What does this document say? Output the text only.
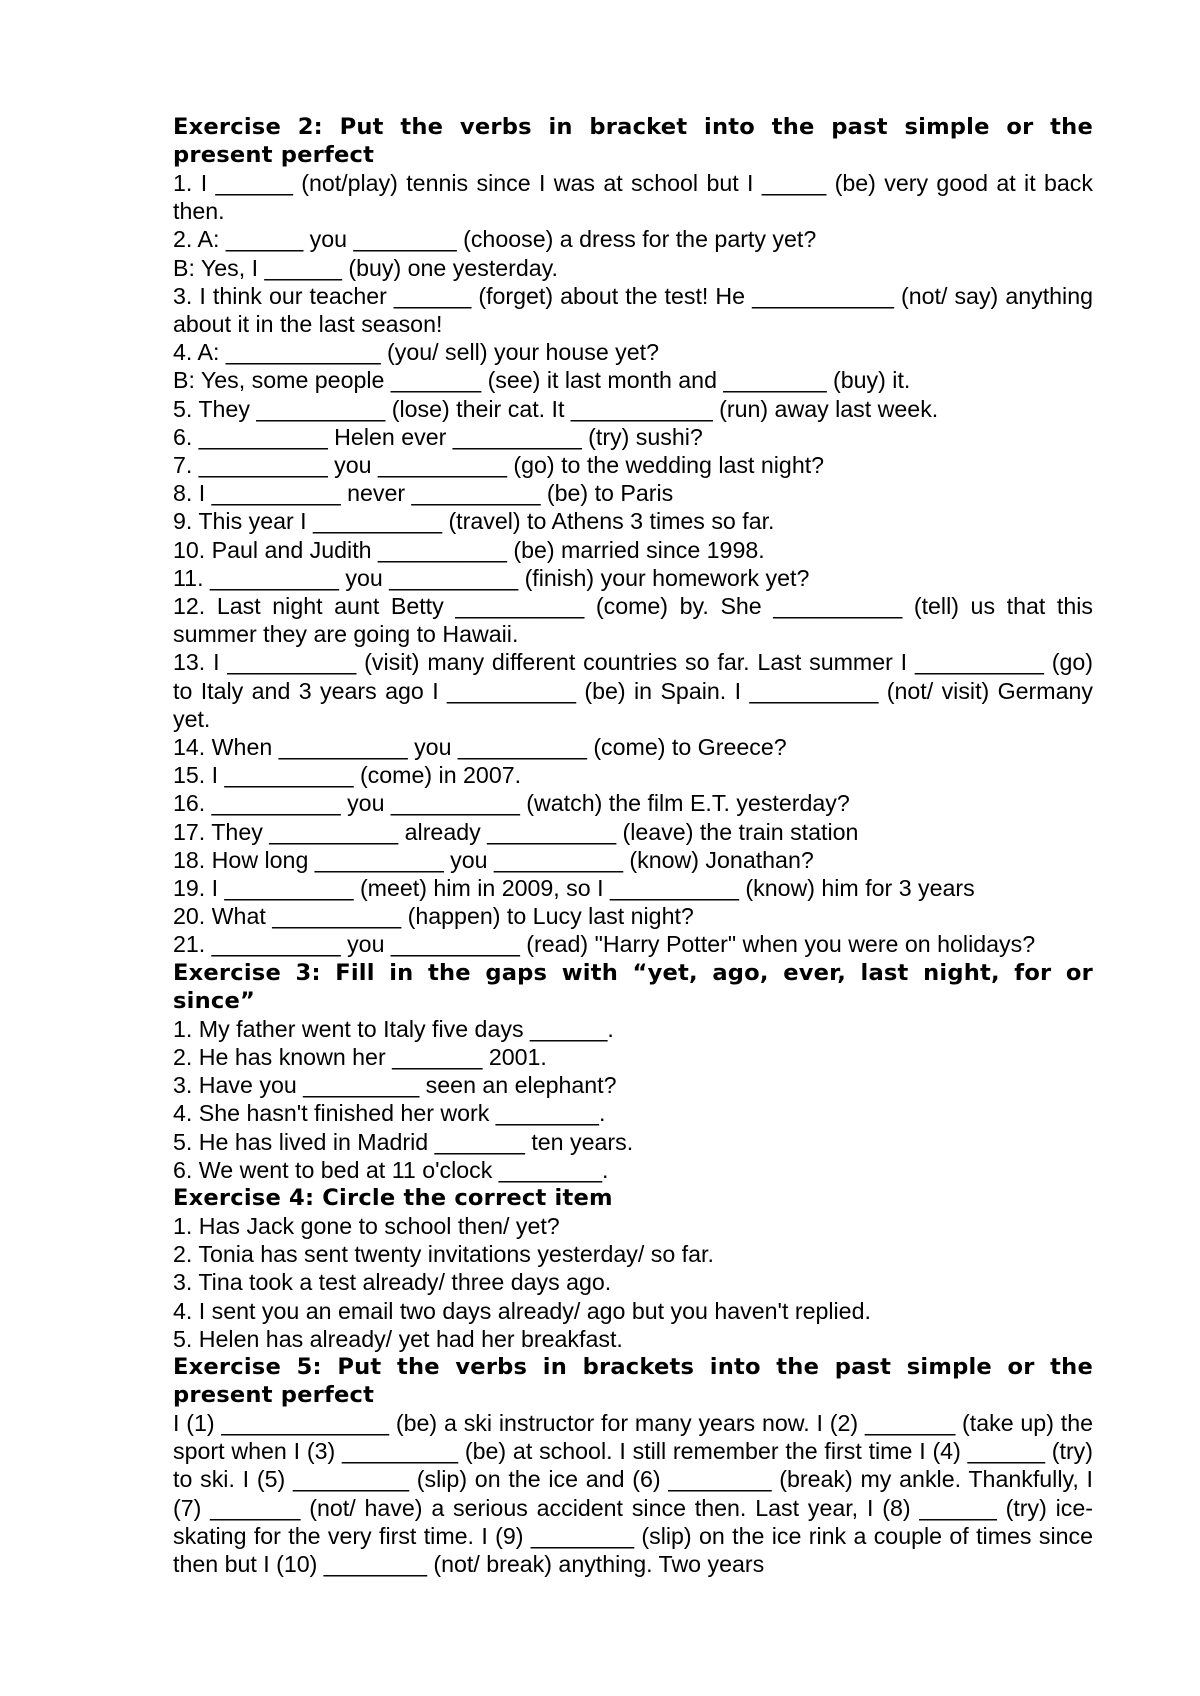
Exercise 2: Put the verbs in bracket into the past simple or the present perfect

1. I ______ (not/play) tennis since I was at school but I _____ (be) very good at it back then.

2. A: ______ you ________ (choose) a dress for the party yet?

B: Yes, I ______ (buy) one yesterday.

3. I think our teacher ______ (forget) about the test! He ___________ (not/ say) anything about it in the last season!

4. A: ____________ (you/ sell) your house yet?

B: Yes, some people _______ (see) it last month and ________ (buy) it.

5. They __________ (lose) their cat. It ___________ (run) away last week.

6. __________ Helen ever __________ (try) sushi?

7. __________ you __________ (go) to the wedding last night?

8. I __________ never __________ (be) to Paris

9. This year I __________ (travel) to Athens 3 times so far.

10. Paul and Judith __________ (be) married since 1998.

11. __________ you __________ (finish) your homework yet?

12. Last night aunt Betty __________ (come) by. She __________ (tell) us that this summer they are going to Hawaii.

13. I __________ (visit) many different countries so far. Last summer I __________ (go) to Italy and 3 years ago I __________ (be) in Spain. I __________ (not/ visit) Germany yet.

14. When __________ you __________ (come) to Greece?

15. I __________ (come) in 2007.

16. __________ you __________ (watch) the film E.T. yesterday?

17. They __________ already __________ (leave) the train station

18. How long __________ you __________ (know) Jonathan?

19. I __________ (meet) him in 2009, so I __________ (know) him for 3 years

20. What __________ (happen) to Lucy last night?

21. __________ you __________ (read) "Harry Potter" when you were on holidays?

Exercise 3: Fill in the gaps with “yet, ago, ever, last night, for or since”

1. My father went to Italy five days ______.

2. He has known her _______ 2001.

3. Have you _________ seen an elephant?

4. She hasn't finished her work ________.

5. He has lived in Madrid _______ ten years.

6. We went to bed at 11 o'clock ________.

Exercise 4: Circle the correct item

1. Has Jack gone to school then/ yet?

2. Tonia has sent twenty invitations yesterday/ so far.

3. Tina took a test already/ three days ago.

4. I sent you an email two days already/ ago but you haven't replied.

5. Helen has already/ yet had her breakfast.

Exercise 5: Put the verbs in brackets into the past simple or the present perfect

I (1) _____________ (be) a ski instructor for many years now. I (2) _______ (take up) the sport when I (3) _________ (be) at school. I still remember the first time I (4) ______ (try) to ski. I (5) _________ (slip) on the ice and (6) ________ (break) my ankle. Thankfully, I (7) _______ (not/ have) a serious accident since then. Last year, I (8) ______ (try) ice-skating for the very first time. I (9) ________ (slip) on the ice rink a couple of times since then but I (10) ________ (not/ break) anything. Two years
